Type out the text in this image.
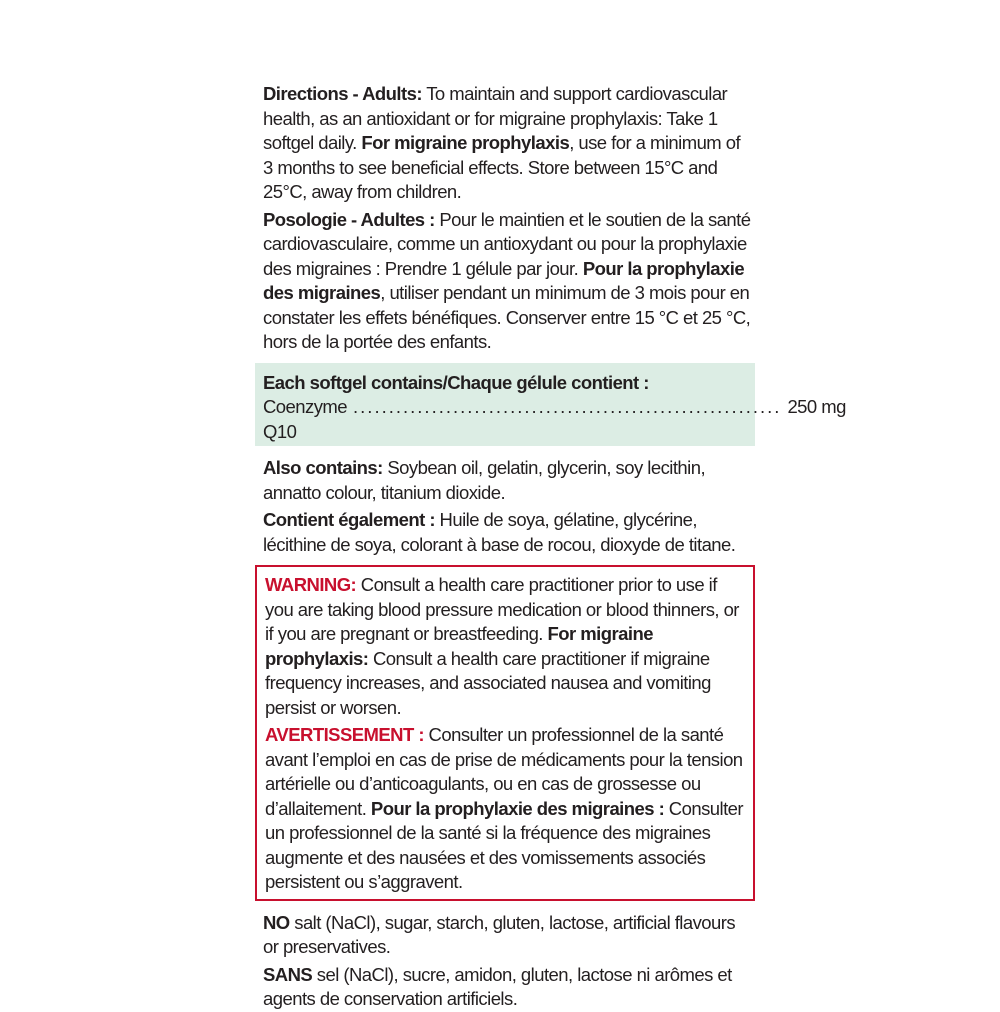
Directions - Adults: To maintain and support cardiovascular health, as an antioxidant or for migraine prophylaxis: Take 1 softgel daily. For migraine prophylaxis, use for a minimum of 3 months to see beneficial effects. Store between 15°C and 25°C, away from children.

Posologie - Adultes : Pour le maintien et le soutien de la santé cardiovasculaire, comme un antioxydant ou pour la prophylaxie des migraines : Prendre 1 gélule par jour. Pour la prophylaxie des migraines, utiliser pendant un minimum de 3 mois pour en constater les effets bénéfiques. Conserver entre 15 °C et 25 °C, hors de la portée des enfants.

Each softgel contains/Chaque gélule contient :

Coenzyme Q10
............................................................ 250 mg

Also contains: Soybean oil, gelatin, glycerin, soy lecithin, annatto colour, titanium dioxide.

Contient également : Huile de soya, gélatine, glycérine, lécithine de soya, colorant à base de rocou, dioxyde de titane.

WARNING: Consult a health care practitioner prior to use if you are taking blood pressure medication or blood thinners, or if you are pregnant or breastfeeding. For migraine prophylaxis: Consult a health care practitioner if migraine frequency increases, and associated nausea and vomiting persist or worsen.

AVERTISSEMENT : Consulter un professionnel de la santé avant l’emploi en cas de prise de médicaments pour la tension artérielle ou d’anticoagulants, ou en cas de grossesse ou d’allaitement. Pour la prophylaxie des migraines : Consulter un professionnel de la santé si la fréquence des migraines augmente et des nausées et des vomissements associés persistent ou s’aggravent.

NO salt (NaCl), sugar, starch, gluten, lactose, artificial flavours or preservatives.

SANS sel (NaCl), sucre, amidon, gluten, lactose ni arômes et agents de conservation artificiels.
